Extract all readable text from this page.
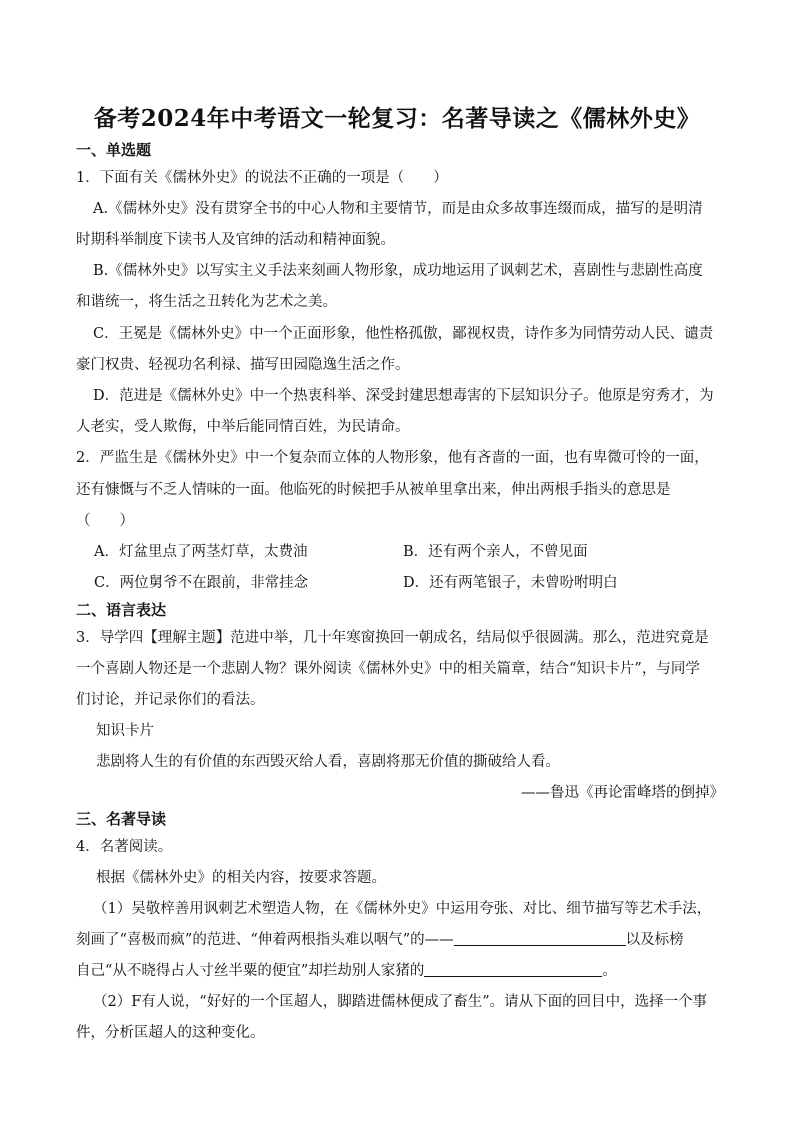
备考2024年中考语文一轮复习：名著导读之《儒林外史》
一、单选题
1．下面有关《儒林外史》的说法不正确的一项是（　　）
A.《儒林外史》没有贯穿全书的中心人物和主要情节，而是由众多故事连缀而成，描写的是明清
时期科举制度下读书人及官绅的活动和精神面貌。
B.《儒林外史》以写实主义手法来刻画人物形象，成功地运用了讽刺艺术，喜剧性与悲剧性高度
和谐统一，将生活之丑转化为艺术之美。
C．王冕是《儒林外史》中一个正面形象，他性格孤傲，鄙视权贵，诗作多为同情劳动人民、谴责
豪门权贵、轻视功名利禄、描写田园隐逸生活之作。
D．范进是《儒林外史》中一个热衷科举、深受封建思想毒害的下层知识分子。他原是穷秀才，为
人老实，受人欺侮，中举后能同情百姓，为民请命。
2．严监生是《儒林外史》中一个复杂而立体的人物形象，他有吝啬的一面，也有卑微可怜的一面，
还有慷慨与不乏人情味的一面。他临死的时候把手从被单里拿出来，伸出两根手指头的意思是
（　　）
A．灯盆里点了两茎灯草，太费油	B．还有两个亲人，不曾见面
C．两位舅爷不在跟前，非常挂念	D．还有两笔银子，未曾吩咐明白
二、语言表达
3．导学四【理解主题】范进中举，几十年寒窗换回一朝成名，结局似乎很圆满。那么，范进究竟是
一个喜剧人物还是一个悲剧人物？课外阅读《儒林外史》中的相关篇章，结合“知识卡片”，与同学
们讨论，并记录你们的看法。
知识卡片
悲剧将人生的有价值的东西毁灭给人看，喜剧将那无价值的撕破给人看。
——鲁迅《再论雷峰塔的倒掉》
三、名著导读
4．名著阅读。
根据《儒林外史》的相关内容，按要求答题。
（1）吴敬梓善用讽刺艺术塑造人物，在《儒林外史》中运用夸张、对比、细节描写等艺术手法，
刻画了“喜极而疯”的范进、“伸着两根指头难以咽气”的——	以及标榜
自己“从不晓得占人寸丝半粟的便宜”却拦劫别人家猪的	。
（2）F有人说，“好好的一个匡超人，脚踏进儒林便成了畜生”。请从下面的回目中，选择一个事
件，分析匡超人的这种变化。
